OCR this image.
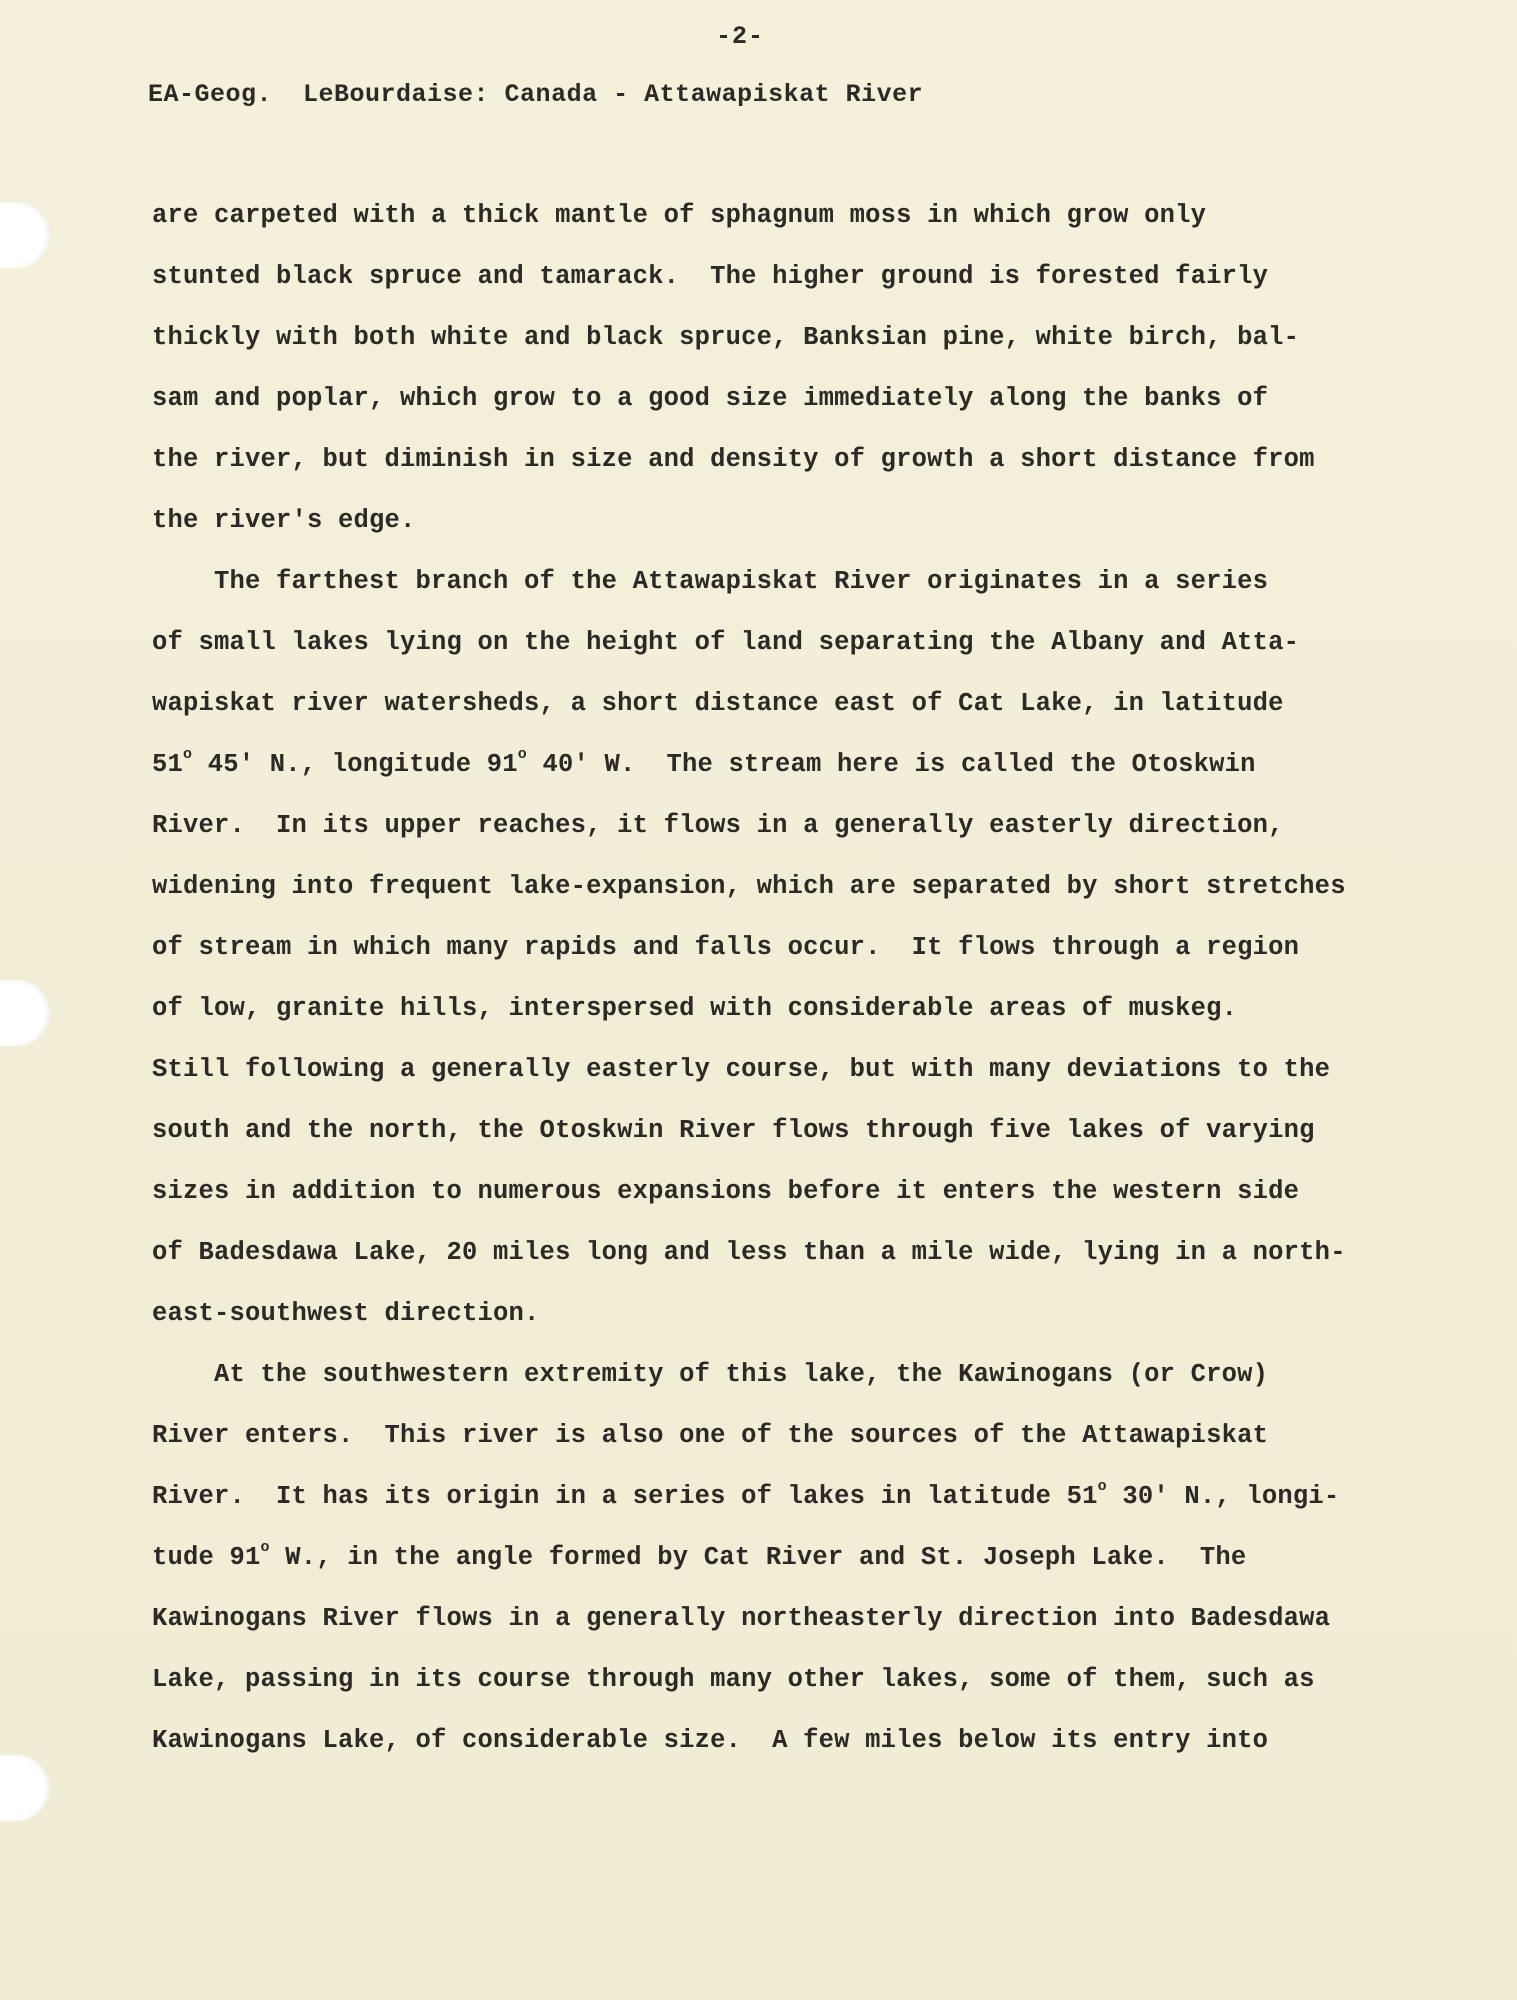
-2-
EA-Geog.  LeBourdaise: Canada - Attawapiskat River
are carpeted with a thick mantle of sphagnum moss in which grow only
stunted black spruce and tamarack.  The higher ground is forested fairly
thickly with both white and black spruce, Banksian pine, white birch, bal-
sam and poplar, which grow to a good size immediately along the banks of
the river, but diminish in size and density of growth a short distance from
the river's edge.
The farthest branch of the Attawapiskat River originates in a series
of small lakes lying on the height of land separating the Albany and Atta-
wapiskat river watersheds, a short distance east of Cat Lake, in latitude
51$^o$ 45' N., longitude 91$^o$ 40' W.  The stream here is called the Otoskwin
River.  In its upper reaches, it flows in a generally easterly direction,
widening into frequent lake-expansion, which are separated by short stretches
of stream in which many rapids and falls occur.  It flows through a region
of low, granite hills, interspersed with considerable areas of muskeg.
Still following a generally easterly course, but with many deviations to the
south and the north, the Otoskwin River flows through five lakes of varying
sizes in addition to numerous expansions before it enters the western side
of Badesdawa Lake, 20 miles long and less than a mile wide, lying in a north-
east-southwest direction.
At the southwestern extremity of this lake, the Kawinogans (or Crow)
River enters.  This river is also one of the sources of the Attawapiskat
River.  It has its origin in a series of lakes in latitude 51$^o$ 30' N., longi-
tude 91$^o$ W., in the angle formed by Cat River and St. Joseph Lake.  The
Kawinogans River flows in a generally northeasterly direction into Badesdawa
Lake, passing in its course through many other lakes, some of them, such as
Kawinogans Lake, of considerable size.  A few miles below its entry into
